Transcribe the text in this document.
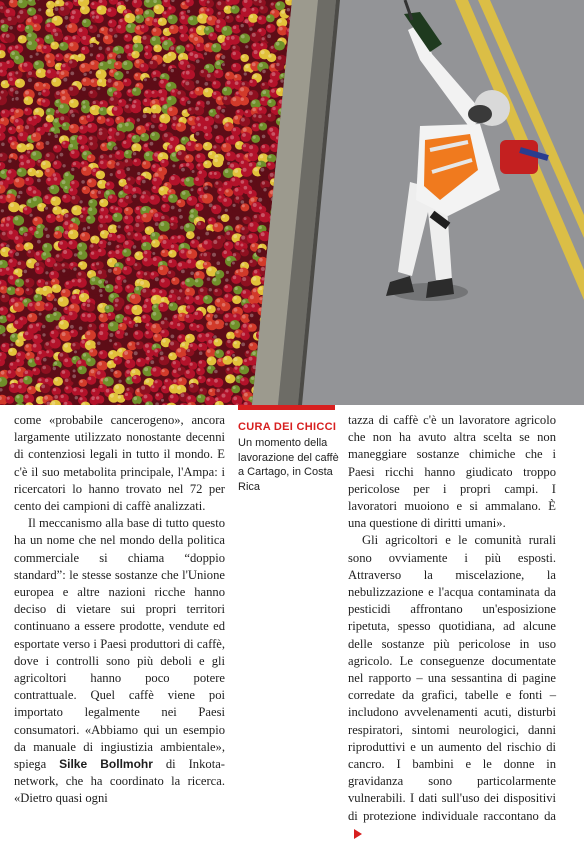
CURA DEI CHICCI
Un momento della lavorazione del caffè a Cartago, in Costa Rica

come «probabile cancerogeno», ancora largamente utilizzato nonostante decenni di contenziosi legali in tutto il mondo. E c'è il suo metabolita principale, l'Ampa: i ricercatori lo hanno trovato nel 72 per cento dei campioni di caffè analizzati.

Il meccanismo alla base di tutto questo ha un nome che nel mondo della politica commerciale si chiama “doppio standard”: le stesse sostanze che l'Unione europea e altre nazioni ricche hanno deciso di vietare sui propri territori continuano a essere prodotte, vendute ed esportate verso i Paesi produttori di caffè, dove i controlli sono più deboli e gli agricoltori hanno poco potere contrattuale. Quel caffè viene poi importato legalmente nei Paesi consumatori. «Abbiamo qui un esempio da manuale di ingiustizia ambientale», spiega Silke Bollmohr di Inkota-network, che ha coordinato la ricerca. «Dietro quasi ogni

tazza di caffè c'è un lavoratore agricolo che non ha avuto altra scelta se non maneggiare sostanze chimiche che i Paesi ricchi hanno giudicato troppo pericolose per i propri campi. I lavoratori muoiono e si ammalano. È una questione di diritti umani».

Gli agricoltori e le comunità rurali sono ovviamente i più esposti. Attraverso la miscelazione, la nebulizzazione e l'acqua contaminata da pesticidi affrontano un'esposizione ripetuta, spesso quotidiana, ad alcune delle sostanze più pericolose in uso agricolo. Le conseguenze documentate nel rapporto – una sessantina di pagine corredate da grafici, tabelle e fonti – includono avvelenamenti acuti, disturbi respiratori, sintomi neurologici, danni riproduttivi e un aumento del rischio di cancro. I bambini e le donne in gravidanza sono particolarmente vulnerabili. I dati sull'uso dei dispositivi di protezione individuale raccontano da
